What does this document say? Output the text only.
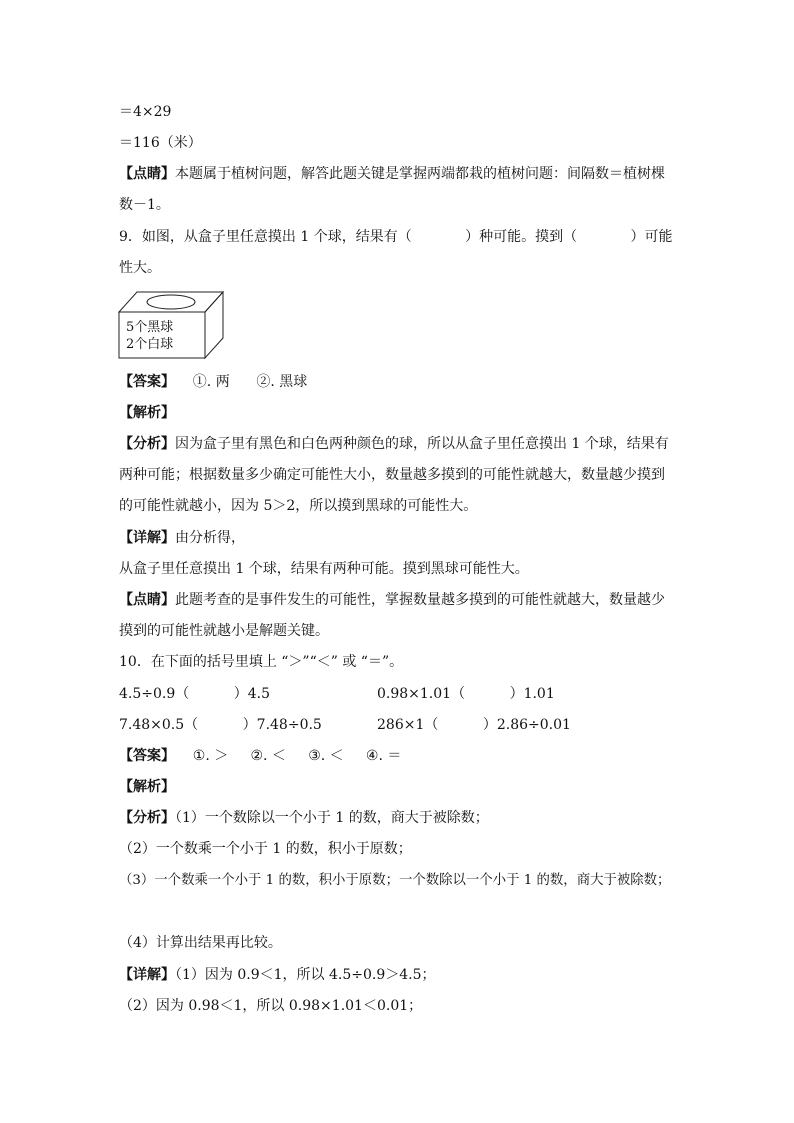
＝4×29
＝116（米）
【点睛】本题属于植树问题，解答此题关键是掌握两端都栽的植树问题：间隔数＝植树棵
数－1。
9．如图，从盒子里任意摸出 1 个球，结果有（            ）种可能。摸到（            ）可能
性大。
5个黑球
2个白球
【答案】    ①. 两      ②. 黑球
【解析】
【分析】因为盒子里有黑色和白色两种颜色的球，所以从盒子里任意摸出 1 个球，结果有
两种可能；根据数量多少确定可能性大小，数量越多摸到的可能性就越大，数量越少摸到
的可能性就越小，因为 5＞2，所以摸到黑球的可能性大。
【详解】由分析得，
从盒子里任意摸出 1 个球，结果有两种可能。摸到黑球可能性大。
【点睛】此题考查的是事件发生的可能性，掌握数量越多摸到的可能性就越大，数量越少
摸到的可能性就越小是解题关键。
10．在下面的括号里填上 “＞”“＜” 或 “＝”。
4.5÷0.9（          ）4.5	0.98×1.01（          ）1.01
7.48×0.5（          ）7.48÷0.5	286×1（          ）2.86÷0.01
【答案】    ①. ＞     ②. ＜     ③. ＜     ④. ＝
【解析】
【分析】（1）一个数除以一个小于 1 的数，商大于被除数；
（2）一个数乘一个小于 1 的数，积小于原数；
（3）一个数乘一个小于 1 的数，积小于原数；一个数除以一个小于 1 的数，商大于被除数；
（4）计算出结果再比较。
【详解】（1）因为 0.9＜1，所以 4.5÷0.9＞4.5；
（2）因为 0.98＜1，所以 0.98×1.01＜0.01；
